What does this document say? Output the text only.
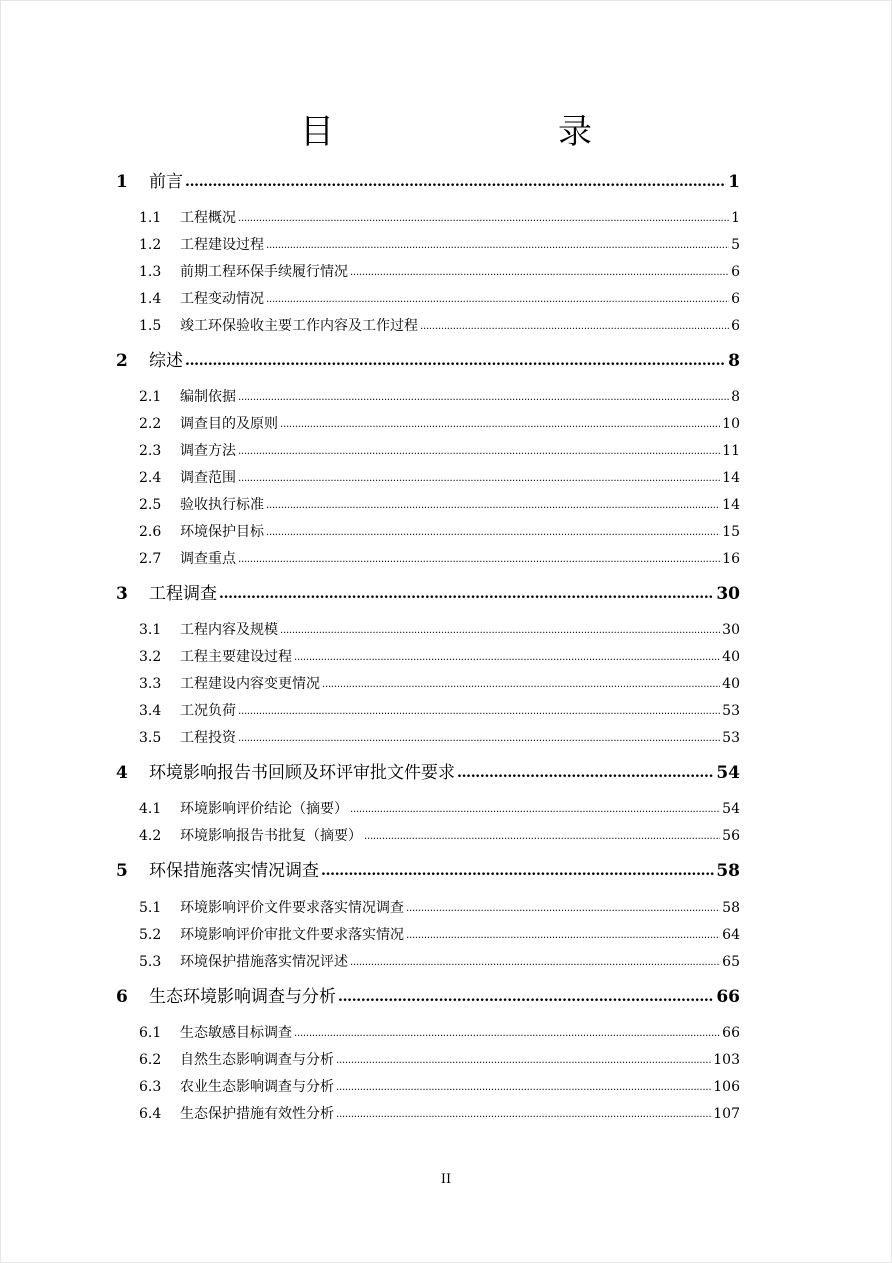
目　　录
1	前言 .....	1
1.1	工程概况 .....	1
1.2	工程建设过程 .....	5
1.3	前期工程环保手续履行情况 .....	6
1.4	工程变动情况 .....	6
1.5	竣工环保验收主要工作内容及工作过程 .....	6
2	综述 .....	8
2.1	编制依据 .....	8
2.2	调查目的及原则 .....	10
2.3	调查方法 .....	11
2.4	调查范围 .....	14
2.5	验收执行标准 .....	14
2.6	环境保护目标 .....	15
2.7	调查重点 .....	16
3	工程调查 .....	30
3.1	工程内容及规模 .....	30
3.2	工程主要建设过程 .....	40
3.3	工程建设内容变更情况 .....	40
3.4	工况负荷 .....	53
3.5	工程投资 .....	53
4	环境影响报告书回顾及环评审批文件要求 .....	54
4.1	环境影响评价结论（摘要） .....	54
4.2	环境影响报告书批复（摘要） .....	56
5	环保措施落实情况调查 .....	58
5.1	环境影响评价文件要求落实情况调查 .....	58
5.2	环境影响评价审批文件要求落实情况 .....	64
5.3	环境保护措施落实情况评述 .....	65
6	生态环境影响调查与分析 .....	66
6.1	生态敏感目标调查 .....	66
6.2	自然生态影响调查与分析 .....	103
6.3	农业生态影响调查与分析 .....	106
6.4	生态保护措施有效性分析 .....	107
II
